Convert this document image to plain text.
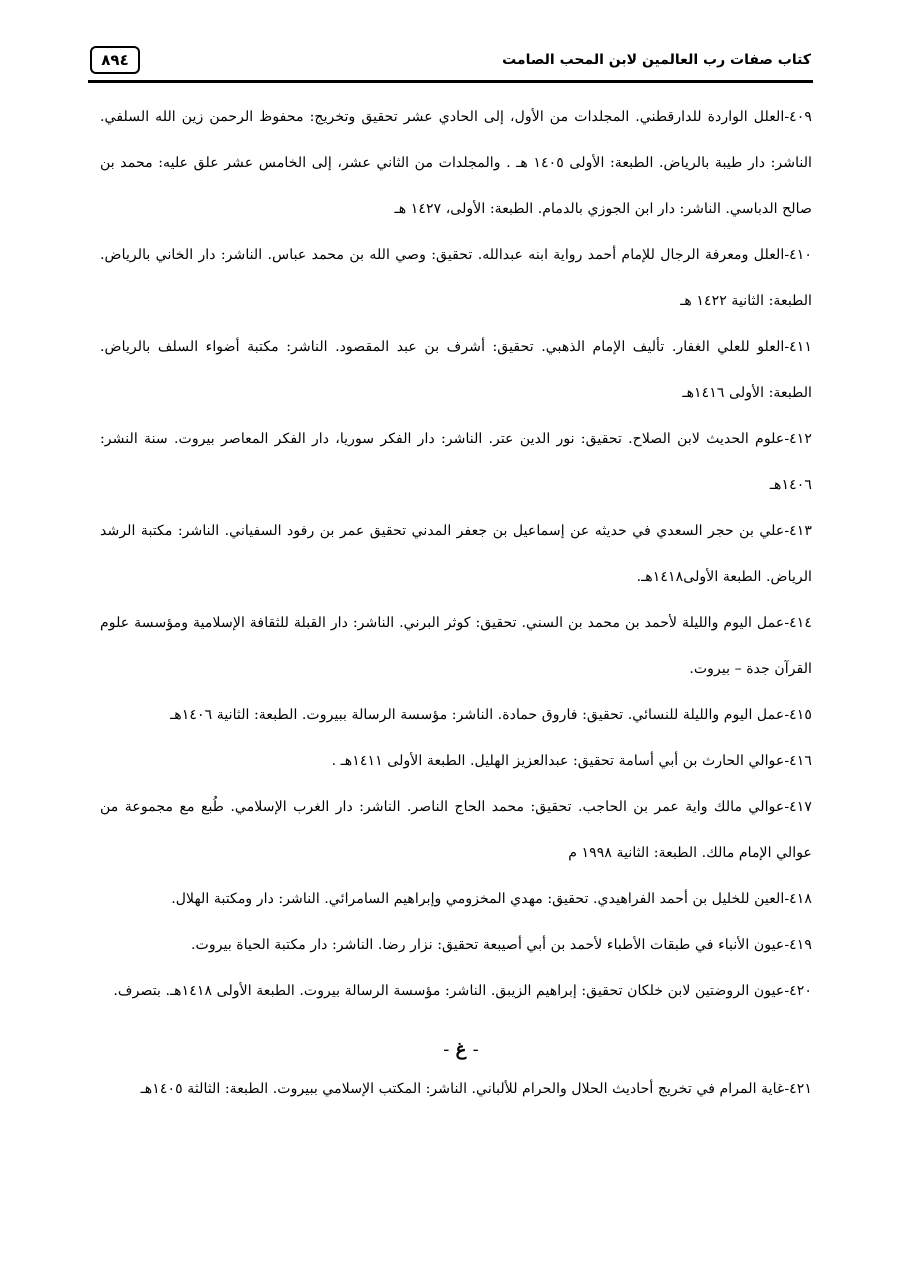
كتاب صفات رب العالمين لابن المحب الصامت
٨٩٤

٤٠٩-العلل الواردة للدارقطني. المجلدات من الأول، إلى الحادي عشر تحقيق وتخريج: محفوظ الرحمن زين الله السلفي. الناشر: دار طيبة بالرياض. الطبعة: الأولى ١٤٠٥ هـ . والمجلدات من الثاني عشر، إلى الخامس عشر علق عليه: محمد بن صالح الدباسي. الناشر: دار ابن الجوزي بالدمام. الطبعة: الأولى، ١٤٢٧ هـ

٤١٠-العلل ومعرفة الرجال للإمام أحمد رواية ابنه عبدالله. تحقيق: وصي الله بن محمد عباس. الناشر: دار الخاني بالرياض. الطبعة: الثانية ١٤٢٢ هـ

٤١١-العلو للعلي الغفار. تأليف الإمام الذهبي. تحقيق: أشرف بن عبد المقصود. الناشر: مكتبة أضواء السلف بالرياض. الطبعة: الأولى ١٤١٦هـ

٤١٢-علوم الحديث لابن الصلاح. تحقيق: نور الدين عتر. الناشر: دار الفكر سوريا، دار الفكر المعاصر بيروت. سنة النشر: ١٤٠٦هـ

٤١٣-علي بن حجر السعدي في حديثه عن إسماعيل بن جعفر المدني تحقيق عمر بن رفود السفياني. الناشر: مكتبة الرشد الرياض. الطبعة الأولى١٤١٨هـ.

٤١٤-عمل اليوم والليلة لأحمد بن محمد بن السني. تحقيق: كوثر البرني. الناشر: دار القبلة للثقافة الإسلامية ومؤسسة علوم القرآن جدة – بيروت.

٤١٥-عمل اليوم والليلة للنسائي. تحقيق: فاروق حمادة. الناشر: مؤسسة الرسالة ببيروت. الطبعة: الثانية ١٤٠٦هـ

٤١٦-عوالي الحارث بن أبي أسامة تحقيق: عبدالعزيز الهليل. الطبعة الأولى ١٤١١هـ .

٤١٧-عوالي مالك واية عمر بن الحاجب. تحقيق: محمد الحاج الناصر. الناشر: دار الغرب الإسلامي. طُبع مع مجموعة من عوالي الإمام مالك. الطبعة: الثانية ١٩٩٨ م

٤١٨-العين للخليل بن أحمد الفراهيدي. تحقيق: مهدي المخزومي وإبراهيم السامرائي. الناشر: دار ومكتبة الهلال.

٤١٩-عيون الأنباء في طبقات الأطباء لأحمد بن أبي أصيبعة تحقيق: نزار رضا. الناشر: دار مكتبة الحياة بيروت.

٤٢٠-عيون الروضتين لابن خلكان تحقيق: إبراهيم الزيبق. الناشر: مؤسسة الرسالة بيروت. الطبعة الأولى ١٤١٨هـ. بتصرف.

- غ -

٤٢١-غاية المرام في تخريج أحاديث الحلال والحرام للألباني. الناشر: المكتب الإسلامي ببيروت. الطبعة: الثالثة ١٤٠٥هـ
